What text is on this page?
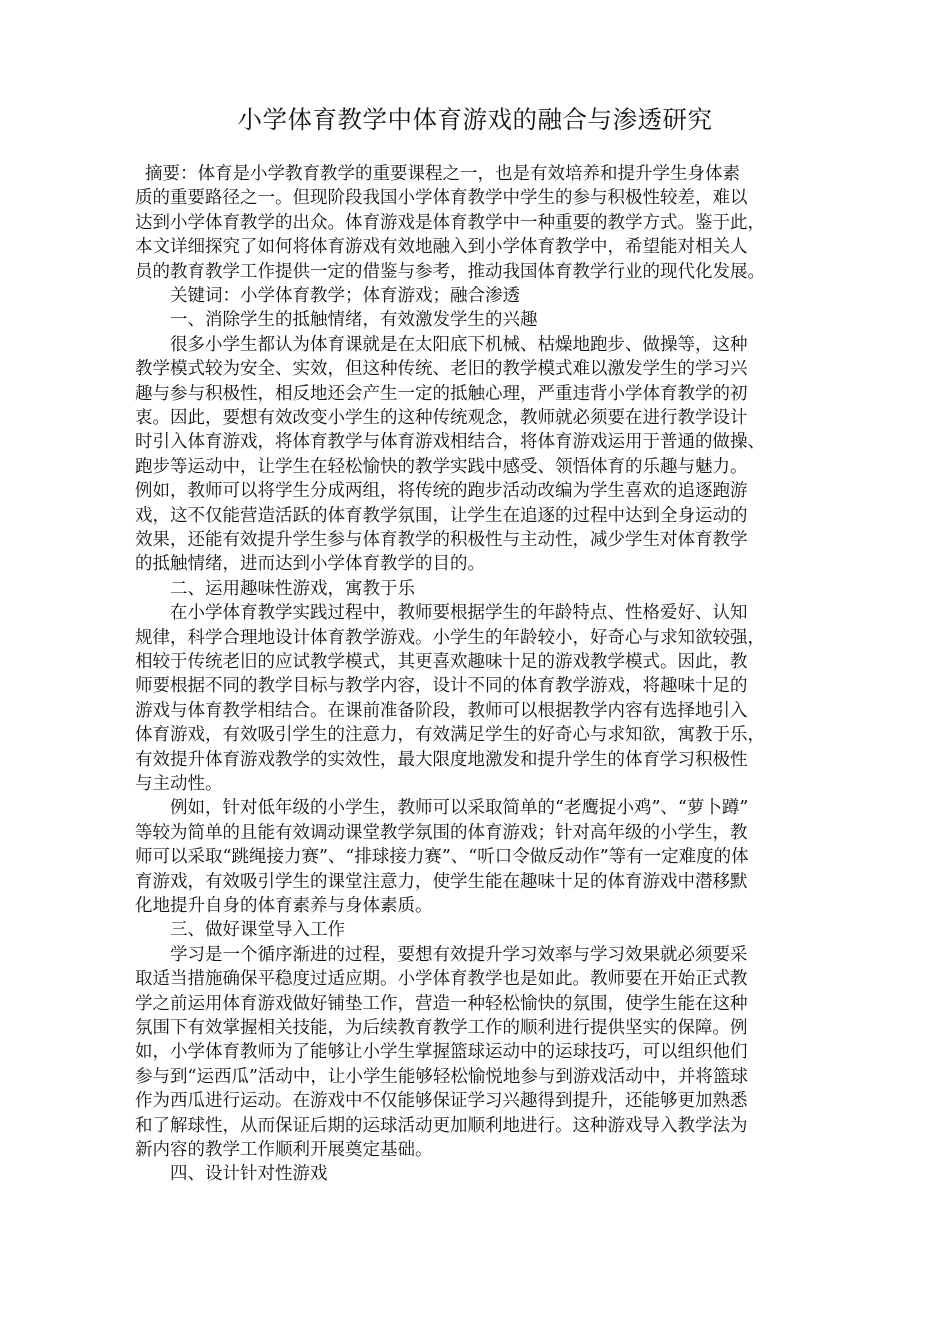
小学体育教学中体育游戏的融合与渗透研究
摘要：体育是小学教育教学的重要课程之一，也是有效培养和提升学生身体素
质的重要路径之一。但现阶段我国小学体育教学中学生的参与积极性较差，难以
达到小学体育教学的出众。体育游戏是体育教学中一种重要的教学方式。鉴于此，
本文详细探究了如何将体育游戏有效地融入到小学体育教学中，希望能对相关人
员的教育教学工作提供一定的借鉴与参考，推动我国体育教学行业的现代化发展。
关键词：小学体育教学；体育游戏；融合渗透
一、消除学生的抵触情绪，有效激发学生的兴趣
很多小学生都认为体育课就是在太阳底下机械、枯燥地跑步、做操等，这种
教学模式较为安全、实效，但这种传统、老旧的教学模式难以激发学生的学习兴
趣与参与积极性，相反地还会产生一定的抵触心理，严重违背小学体育教学的初
衷。因此，要想有效改变小学生的这种传统观念，教师就必须要在进行教学设计
时引入体育游戏，将体育教学与体育游戏相结合，将体育游戏运用于普通的做操、
跑步等运动中，让学生在轻松愉快的教学实践中感受、领悟体育的乐趣与魅力。
例如，教师可以将学生分成两组，将传统的跑步活动改编为学生喜欢的追逐跑游
戏，这不仅能营造活跃的体育教学氛围，让学生在追逐的过程中达到全身运动的
效果，还能有效提升学生参与体育教学的积极性与主动性，减少学生对体育教学
的抵触情绪，进而达到小学体育教学的目的。
二、运用趣味性游戏，寓教于乐
在小学体育教学实践过程中，教师要根据学生的年龄特点、性格爱好、认知
规律，科学合理地设计体育教学游戏。小学生的年龄较小，好奇心与求知欲较强，
相较于传统老旧的应试教学模式，其更喜欢趣味十足的游戏教学模式。因此，教
师要根据不同的教学目标与教学内容，设计不同的体育教学游戏，将趣味十足的
游戏与体育教学相结合。在课前准备阶段，教师可以根据教学内容有选择地引入
体育游戏，有效吸引学生的注意力，有效满足学生的好奇心与求知欲，寓教于乐，
有效提升体育游戏教学的实效性，最大限度地激发和提升学生的体育学习积极性
与主动性。
例如，针对低年级的小学生，教师可以采取简单的“老鹰捉小鸡”、“萝卜蹲”
等较为简单的且能有效调动课堂教学氛围的体育游戏；针对高年级的小学生，教
师可以采取“跳绳接力赛”、“排球接力赛”、“听口令做反动作”等有一定难度的体
育游戏，有效吸引学生的课堂注意力，使学生能在趣味十足的体育游戏中潜移默
化地提升自身的体育素养与身体素质。
三、做好课堂导入工作
学习是一个循序渐进的过程，要想有效提升学习效率与学习效果就必须要采
取适当措施确保平稳度过适应期。小学体育教学也是如此。教师要在开始正式教
学之前运用体育游戏做好铺垫工作，营造一种轻松愉快的氛围，使学生能在这种
氛围下有效掌握相关技能，为后续教育教学工作的顺利进行提供坚实的保障。例
如，小学体育教师为了能够让小学生掌握篮球运动中的运球技巧，可以组织他们
参与到“运西瓜”活动中，让小学生能够轻松愉悦地参与到游戏活动中，并将篮球
作为西瓜进行运动。在游戏中不仅能够保证学习兴趣得到提升，还能够更加熟悉
和了解球性，从而保证后期的运球活动更加顺利地进行。这种游戏导入教学法为
新内容的教学工作顺利开展奠定基础。
四、设计针对性游戏
